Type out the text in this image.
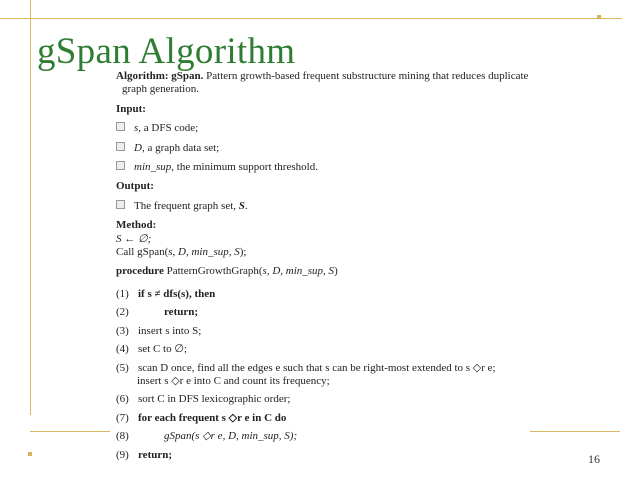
gSpan Algorithm

Algorithm: gSpan. Pattern growth-based frequent substructure mining that reduces duplicate

graph generation.

Input:

s, a DFS code;

D, a graph data set;

min_sup, the minimum support threshold.

Output:

The frequent graph set, S.

Method:

S ← ∅;

Call gSpan(s, D, min_sup, S);

procedure PatternGrowthGraph(s, D, min_sup, S)

(1) if s ≠ dfs(s), then

(2)	return;

(3) insert s into S;

(4) set C to ∅;

(5) scan D once, find all the edges e such that s can be right-most extended to s ◇r e;

insert s ◇r e into C and count its frequency;

(6) sort C in DFS lexicographic order;

(7) for each frequent s ◇r e in C do

(8)	gSpan(s ◇r e, D, min_sup, S);

(9) return;	16
